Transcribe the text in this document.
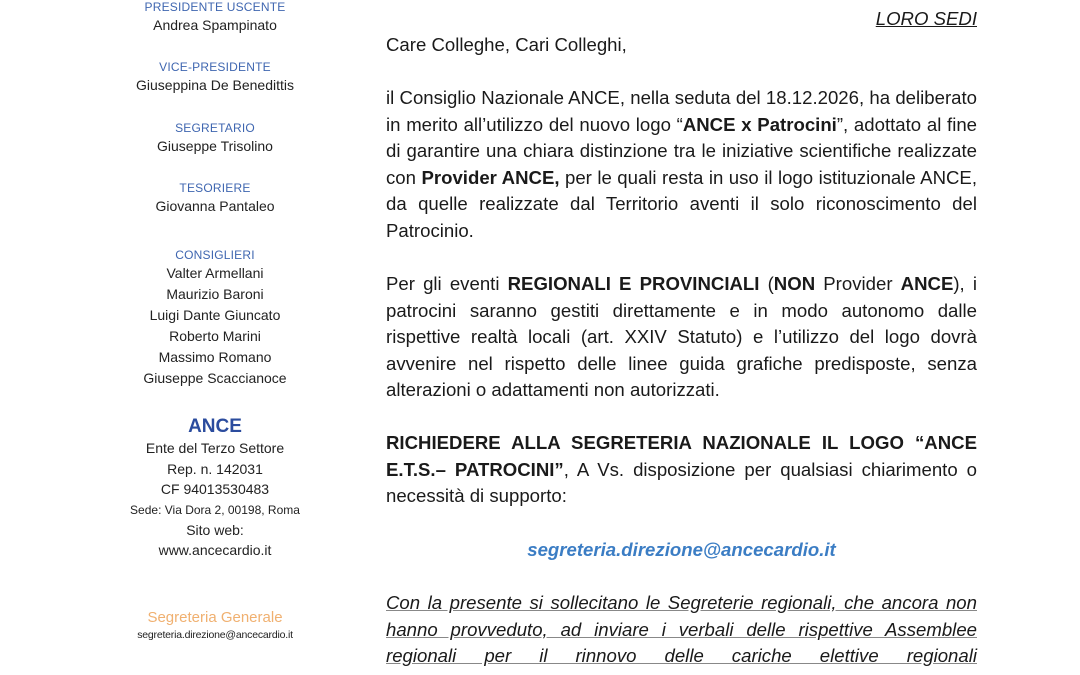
PRESIDENTE USCENTE
Andrea Spampinato
VICE-PRESIDENTE
Giuseppina De Benedittis
SEGRETARIO
Giuseppe Trisolino
TESORIERE
Giovanna Pantaleo
CONSIGLIERI
Valter Armellani
Maurizio Baroni
Luigi Dante Giuncato
Roberto Marini
Massimo Romano
Giuseppe Scaccianoce
ANCE
Ente del Terzo Settore
Rep. n. 142031
CF 94013530483
Sede: Via Dora 2, 00198, Roma
Sito web:
www.ancecardio.it
Segreteria Generale
segreteria.direzione@ancecardio.it
LORO SEDI
Care Colleghe, Cari Colleghi,
il Consiglio Nazionale ANCE, nella seduta del 18.12.2026, ha deliberato in merito all’utilizzo del nuovo logo “ANCE x Patrocini”, adottato al fine di garantire una chiara distinzione tra le iniziative scientifiche realizzate con Provider ANCE, per le quali resta in uso il logo istituzionale ANCE, da quelle realizzate dal Territorio aventi il solo riconoscimento del Patrocinio.
Per gli eventi REGIONALI E PROVINCIALI (NON Provider ANCE), i patrocini saranno gestiti direttamente e in modo autonomo dalle rispettive realtà locali (art. XXIV Statuto) e l’utilizzo del logo dovrà avvenire nel rispetto delle linee guida grafiche predisposte, senza alterazioni o adattamenti non autorizzati.
RICHIEDERE ALLA SEGRETERIA NAZIONALE IL LOGO “ANCE E.T.S.– PATROCINI”, A Vs. disposizione per qualsiasi chiarimento o necessità di supporto:
segreteria.direzione@ancecardio.it
Con la presente si sollecitano le Segreterie regionali, che ancora non hanno provveduto, ad inviare i verbali delle rispettive Assemblee regionali per il rinnovo delle cariche elettive regionali
